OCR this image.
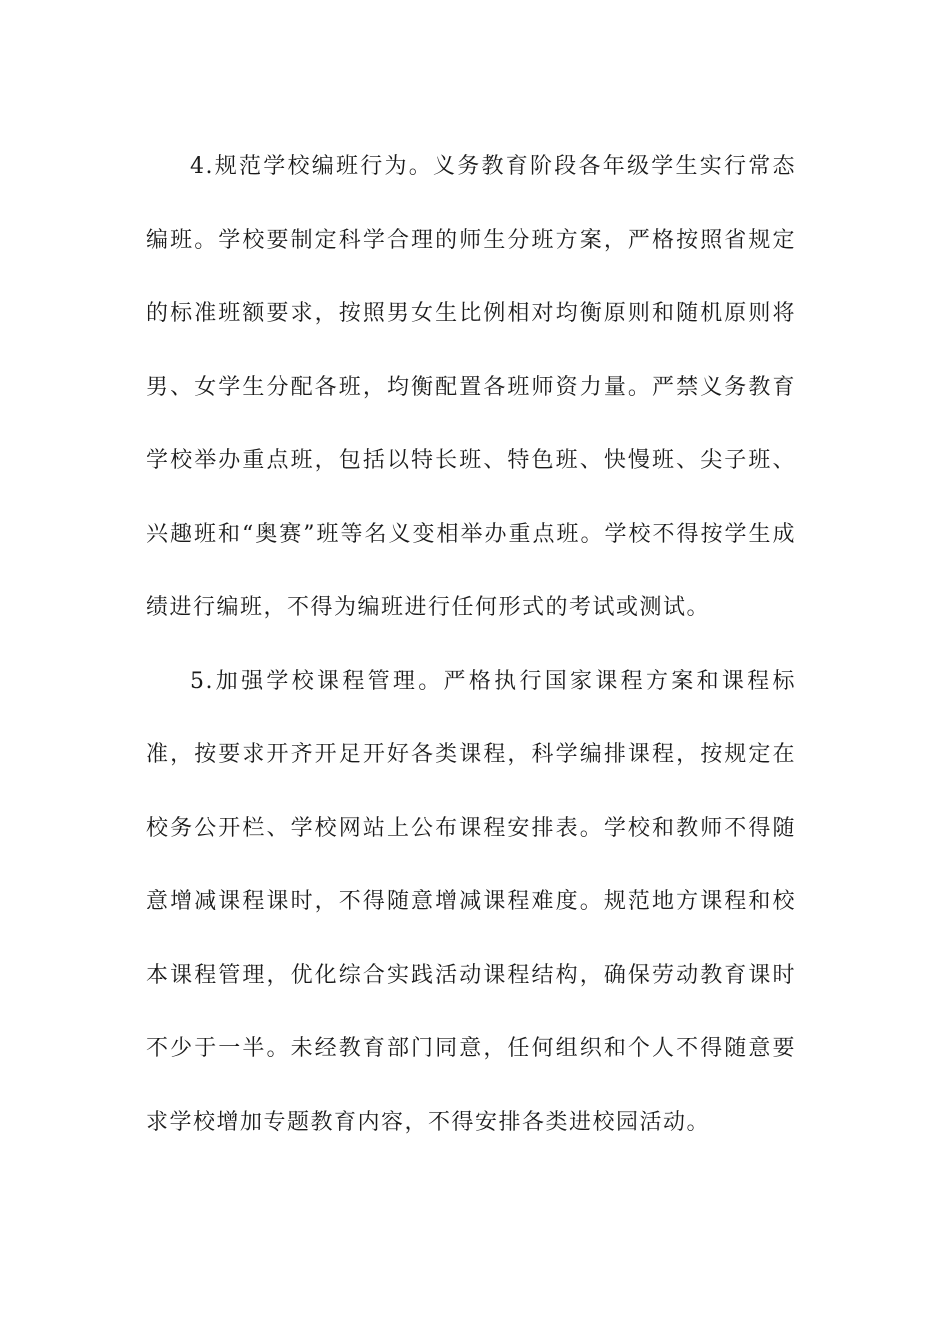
4.规范学校编班行为。义务教育阶段各年级学生实行常态编班。学校要制定科学合理的师生分班方案，严格按照省规定的标准班额要求，按照男女生比例相对均衡原则和随机原则将男、女学生分配各班，均衡配置各班师资力量。严禁义务教育学校举办重点班，包括以特长班、特色班、快慢班、尖子班、兴趣班和“奥赛”班等名义变相举办重点班。学校不得按学生成绩进行编班，不得为编班进行任何形式的考试或测试。

5.加强学校课程管理。严格执行国家课程方案和课程标准，按要求开齐开足开好各类课程，科学编排课程，按规定在校务公开栏、学校网站上公布课程安排表。学校和教师不得随意增减课程课时，不得随意增减课程难度。规范地方课程和校本课程管理，优化综合实践活动课程结构，确保劳动教育课时不少于一半。未经教育部门同意，任何组织和个人不得随意要求学校增加专题教育内容，不得安排各类进校园活动。
